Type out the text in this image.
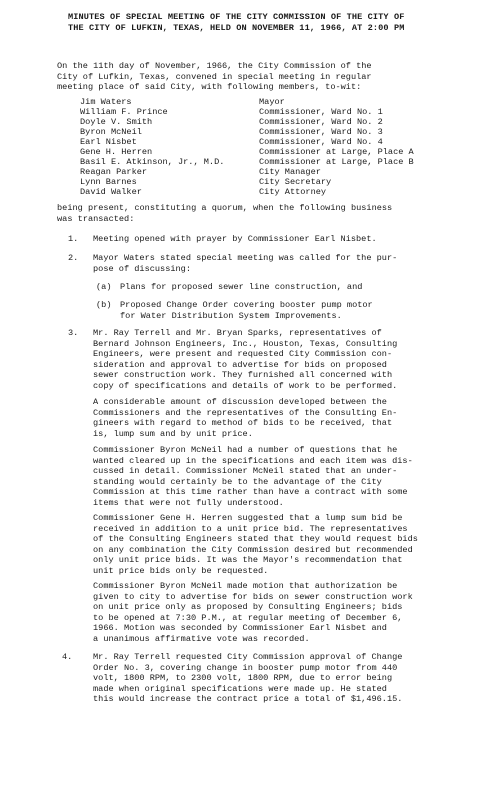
MINUTES OF SPECIAL MEETING OF THE CITY COMMISSION OF THE CITY OF
THE CITY OF LUFKIN, TEXAS, HELD ON NOVEMBER 11, 1966, AT 2:00 PM
On the 11th day of November, 1966, the City Commission of the
City of Lufkin, Texas, convened in special meeting in regular
meeting place of said City, with following members, to-wit:
Jim Waters	Mayor
William F. Prince	Commissioner, Ward No. 1
Doyle V. Smith	Commissioner, Ward No. 2
Byron McNeil	Commissioner, Ward No. 3
Earl Nisbet	Commissioner, Ward No. 4
Gene H. Herren	Commissioner at Large, Place A
Basil E. Atkinson, Jr., M.D.	Commissioner at Large, Place B
Reagan Parker	City Manager
Lynn Barnes	City Secretary
David Walker	City Attorney
being present, constituting a quorum, when the following business
was transacted:
1. Meeting opened with prayer by Commissioner Earl Nisbet.
2. Mayor Waters stated special meeting was called for the pur-
pose of discussing:
(a) Plans for proposed sewer line construction, and
(b) Proposed Change Order covering booster pump motor
for Water Distribution System Improvements.
3. Mr. Ray Terrell and Mr. Bryan Sparks, representatives of
Bernard Johnson Engineers, Inc., Houston, Texas, Consulting
Engineers, were present and requested City Commission con-
sideration and approval to advertise for bids on proposed
sewer construction work. They furnished all concerned with
copy of specifications and details of work to be performed.
A considerable amount of discussion developed between the
Commissioners and the representatives of the Consulting En-
gineers with regard to method of bids to be received, that
is, lump sum and by unit price.
Commissioner Byron McNeil had a number of questions that he
wanted cleared up in the specifications and each item was dis-
cussed in detail. Commissioner McNeil stated that an under-
standing would certainly be to the advantage of the City
Commission at this time rather than have a contract with some
items that were not fully understood.
Commissioner Gene H. Herren suggested that a lump sum bid be
received in addition to a unit price bid. The representatives
of the Consulting Engineers stated that they would request bids
on any combination the City Commission desired but recommended
only unit price bids. It was the Mayor's recommendation that
unit price bids only be requested.
Commissioner Byron McNeil made motion that authorization be
given to city to advertise for bids on sewer construction work
on unit price only as proposed by Consulting Engineers; bids
to be opened at 7:30 P.M., at regular meeting of December 6,
1966. Motion was seconded by Commissioner Earl Nisbet and
a unanimous affirmative vote was recorded.
4. Mr. Ray Terrell requested City Commission approval of Change
Order No. 3, covering change in booster pump motor from 440
volt, 1800 RPM, to 2300 volt, 1800 RPM, due to error being
made when original specifications were made up. He stated
this would increase the contract price a total of $1,496.15.
